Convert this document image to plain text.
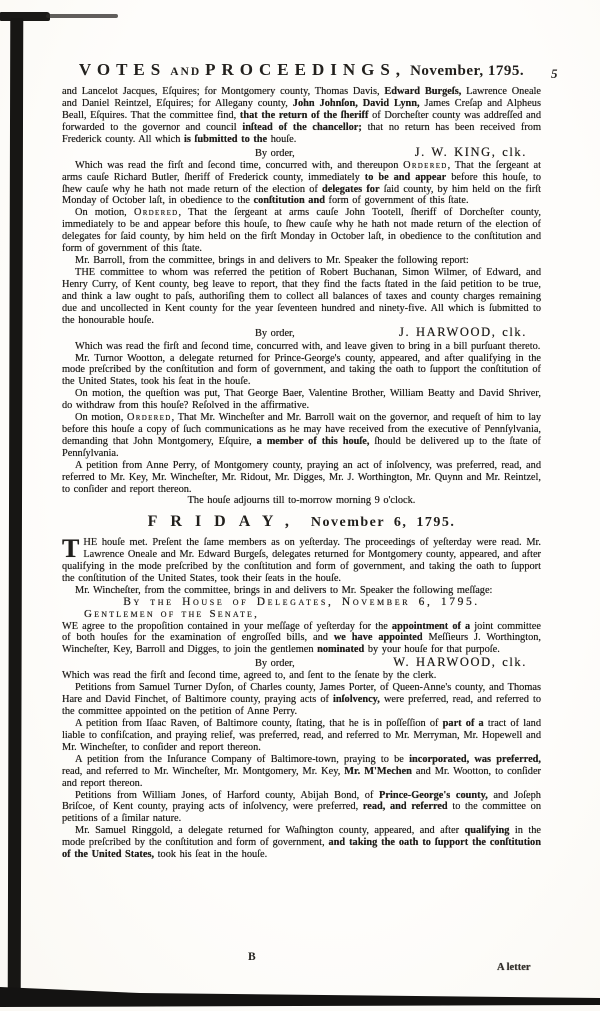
VOTES AND PROCEEDINGS, November, 1795.	5

and Lancelot Jacques, Eſquires; for Montgomery county, Thomas Davis, Edward Burgeſs, Lawrence Oneale and Daniel Reintzel, Eſquires; for Allegany county, John Johnſon, David Lynn, James Creſap and Alpheus Beall, Eſquires. That the committee find, that the return of the ſheriff of Dorcheſter county was addreſſed and forwarded to the governor and council inſtead of the chancellor; that no return has been received from Frederick county. All which is ſubmitted to the houſe.

By order,	J. W. KING, clk.

Which was read the firſt and ſecond time, concurred with, and thereupon Ordered, That the ſergeant at arms cauſe Richard Butler, ſheriff of Frederick county, immediately to be and appear before this houſe, to ſhew cauſe why he hath not made return of the election of delegates for ſaid county, by him held on the firſt Monday of October laſt, in obedience to the conſtitution and form of government of this ſtate.

On motion, Ordered, That the ſergeant at arms cauſe John Tootell, ſheriff of Dorcheſter county, immediately to be and appear before this houſe, to ſhew cauſe why he hath not made return of the election of delegates for ſaid county, by him held on the firſt Monday in October laſt, in obedience to the conſtitution and form of government of this ſtate.

Mr. Barroll, from the committee, brings in and delivers to Mr. Speaker the following report:

THE committee to whom was referred the petition of Robert Buchanan, Simon Wilmer, of Edward, and Henry Curry, of Kent county, beg leave to report, that they find the facts ſtated in the ſaid petition to be true, and think a law ought to paſs, authoriſing them to collect all balances of taxes and county charges remaining due and uncollected in Kent county for the year ſeventeen hundred and ninety-five. All which is ſubmitted to the honourable houſe.

By order,	J. HARWOOD, clk.

Which was read the firſt and ſecond time, concurred with, and leave given to bring in a bill purſuant thereto.

Mr. Turnor Wootton, a delegate returned for Prince-George's county, appeared, and after qualifying in the mode preſcribed by the conſtitution and form of government, and taking the oath to ſupport the conſtitution of the United States, took his ſeat in the houſe.

On motion, the queſtion was put, That George Baer, Valentine Brother, William Beatty and David Shriver, do withdraw from this houſe? Reſolved in the affirmative.

On motion, Ordered, That Mr. Wincheſter and Mr. Barroll wait on the governor, and requeſt of him to lay before this houſe a copy of ſuch communications as he may have received from the executive of Pennſylvania, demanding that John Montgomery, Eſquire, a member of this houſe, ſhould be delivered up to the ſtate of Pennſylvania.

A petition from Anne Perry, of Montgomery county, praying an act of inſolvency, was preferred, read, and referred to Mr. Key, Mr. Wincheſter, Mr. Ridout, Mr. Digges, Mr. J. Worthington, Mr. Quynn and Mr. Reintzel, to conſider and report thereon.

The houſe adjourns till to-morrow morning 9 o'clock.

FRIDAY, November 6, 1795.

THE houſe met. Preſent the ſame members as on yeſterday. The proceedings of yeſterday were read. Mr. Lawrence Oneale and Mr. Edward Burgeſs, delegates returned for Montgomery county, appeared, and after qualifying in the mode preſcribed by the conſtitution and form of government, and taking the oath to ſupport the conſtitution of the United States, took their ſeats in the houſe.

Mr. Wincheſter, from the committee, brings in and delivers to Mr. Speaker the following meſſage:

By the House of Delegates, November 6, 1795.

Gentlemen of the Senate,

WE agree to the propoſition contained in your meſſage of yeſterday for the appointment of a joint committee of both houſes for the examination of engroſſed bills, and we have appointed Meſſieurs J. Worthington, Wincheſter, Key, Barroll and Digges, to join the gentlemen nominated by your houſe for that purpoſe.

By order,	W. HARWOOD, clk.

Which was read the firſt and ſecond time, agreed to, and ſent to the ſenate by the clerk.

Petitions from Samuel Turner Dyſon, of Charles county, James Porter, of Queen-Anne's county, and Thomas Hare and David Finchet, of Baltimore county, praying acts of inſolvency, were preferred, read, and referred to the committee appointed on the petition of Anne Perry.

A petition from Iſaac Raven, of Baltimore county, ſtating, that he is in poſſeſſion of part of a tract of land liable to confiſcation, and praying relief, was preferred, read, and referred to Mr. Merryman, Mr. Hopewell and Mr. Wincheſter, to conſider and report thereon.

A petition from the Inſurance Company of Baltimore-town, praying to be incorporated, was preferred, read, and referred to Mr. Wincheſter, Mr. Montgomery, Mr. Key, Mr. M'Mechen and Mr. Wootton, to conſider and report thereon.

Petitions from William Jones, of Harford county, Abijah Bond, of Prince-George's county, and Joſeph Briſcoe, of Kent county, praying acts of inſolvency, were preferred, read, and referred to the committee on petitions of a ſimilar nature.

Mr. Samuel Ringgold, a delegate returned for Waſhington county, appeared, and after qualifying in the mode preſcribed by the conſtitution and form of government, and taking the oath to ſupport the conſtitution of the United States, took his ſeat in the houſe.

B
A letter
